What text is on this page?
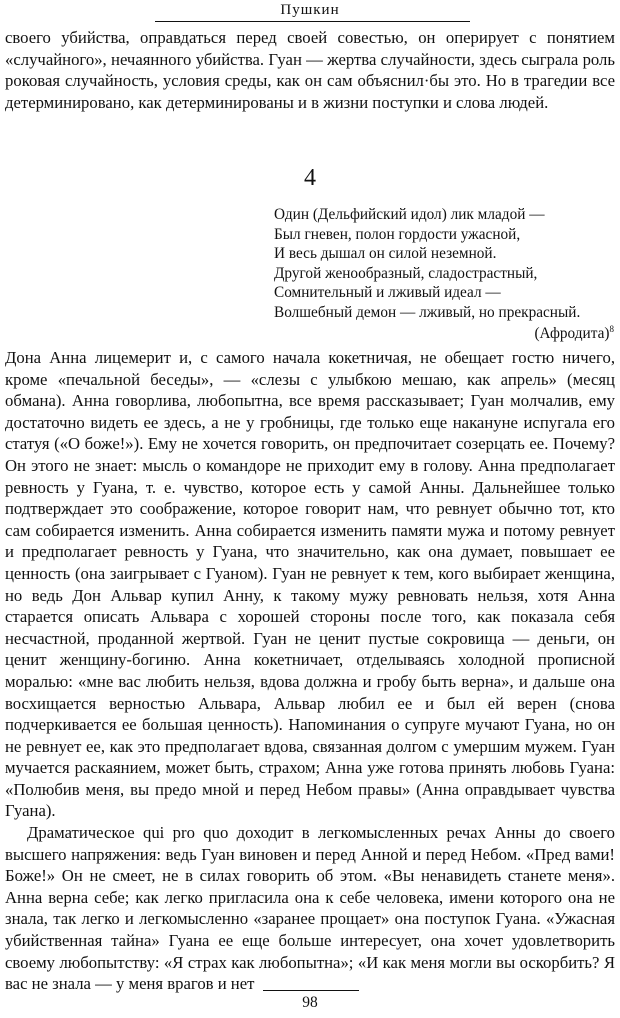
Пушкин

своего убийства, оправдаться перед своей совестью, он оперирует с понятием «случайного», нечаянного убийства. Гуан — жертва случайности, здесь сыграла роль роковая случайность, условия среды, как он сам объяснил·бы это. Но в трагедии все детерминировано, как детерминированы и в жизни поступки и слова людей.

4
Один (Дельфийский идол) лик младой —
Был гневен, полон гордости ужасной,
И весь дышал он силой неземной.
Другой женообразный, сладострастный,
Сомнительный и лживый идеал —
Волшебный демон — лживый, но прекрасный.
(Афродита)$^8$

Дона Анна лицемерит и, с самого начала кокетничая, не обещает гостю ничего, кроме «печальной беседы», — «слезы с улыбкою мешаю, как апрель» (месяц обмана). Анна говорлива, любопытна, все время рассказывает; Гуан молчалив, ему достаточно видеть ее здесь, а не у гробницы, где только еще накануне испугала его статуя («О боже!»). Ему не хочется говорить, он предпочитает созерцать ее. Почему? Он этого не знает: мысль о командоре не приходит ему в голову. Анна предполагает ревность у Гуана, т. е. чувство, которое есть у самой Анны. Дальнейшее только подтверждает это соображение, которое говорит нам, что ревнует обычно тот, кто сам собирается изменить. Анна собирается изменить памяти мужа и потому ревнует и предполагает ревность у Гуана, что значительно, как она думает, повышает ее ценность (она заигрывает с Гуаном). Гуан не ревнует к тем, кого выбирает женщина, но ведь Дон Альвар купил Анну, к такому мужу ревновать нельзя, хотя Анна старается описать Альвара с хорошей стороны после того, как показала себя несчастной, проданной жертвой. Гуан не ценит пустые сокровища — деньги, он ценит женщину-богиню. Анна кокетничает, отделываясь холодной прописной моралью: «мне вас любить нельзя, вдова должна и гробу быть верна», и дальше она восхищается верностью Альвара, Альвар любил ее и был ей верен (снова подчеркивается ее большая ценность). Напоминания о супруге мучают Гуана, но он не ревнует ее, как это предполагает вдова, связанная долгом с умершим мужем. Гуан мучается раскаянием, может быть, страхом; Анна уже готова принять любовь Гуана: «Полюбив меня, вы предо мной и перед Небом правы» (Анна оправдывает чувства Гуана).

Драматическое qui pro quo доходит в легкомысленных речах Анны до своего высшего напряжения: ведь Гуан виновен и перед Анной и перед Небом. «Пред вами! Боже!» Он не смеет, не в силах говорить об этом. «Вы ненавидеть станете меня». Анна верна себе; как легко пригласила она к себе человека, имени которого она не знала, так легко и легкомысленно «заранее прощает» она поступок Гуана. «Ужасная убийственная тайна» Гуана ее еще больше интересует, она хочет удовлетворить своему любопытству: «Я страх как любопытна»; «И как меня могли вы оскорбить? Я вас не знала — у меня врагов и нет

98
